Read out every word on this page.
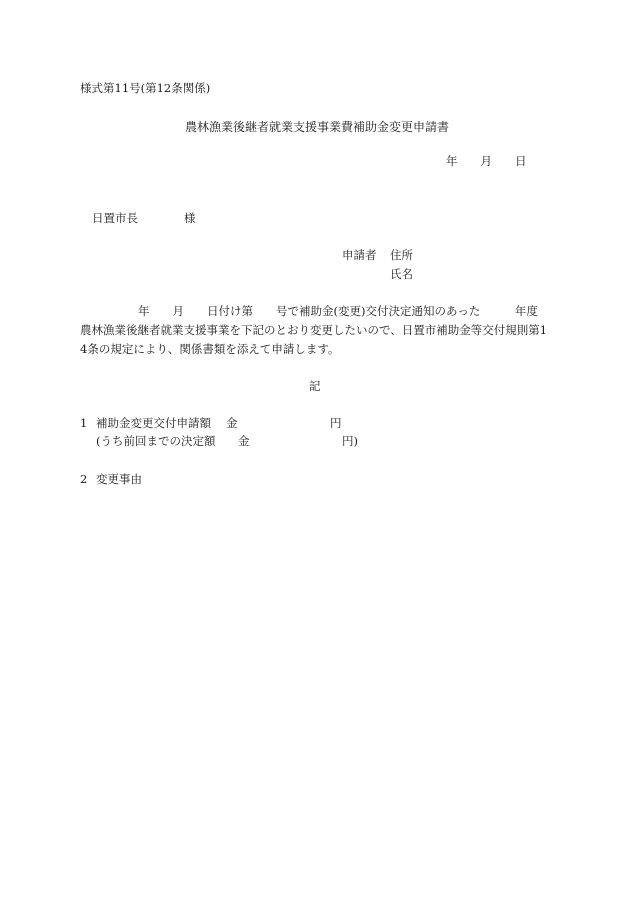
様式第11号(第12条関係)
農林漁業後継者就業支援事業費補助金変更申請書
年　　月　　日
日置市長　　　　様
申請者 住所
氏名
年　　月　　日付け第　　号で補助金(変更)交付決定通知のあった　　　年度
農林漁業後継者就業支援事業を下記のとおり変更したいので、日置市補助金等交付規則第1
4条の規定により、関係書類を添えて申請します。
記
1 補助金変更交付申請額 金	円
(うち前回までの決定額 金	円)
2 変更事由
